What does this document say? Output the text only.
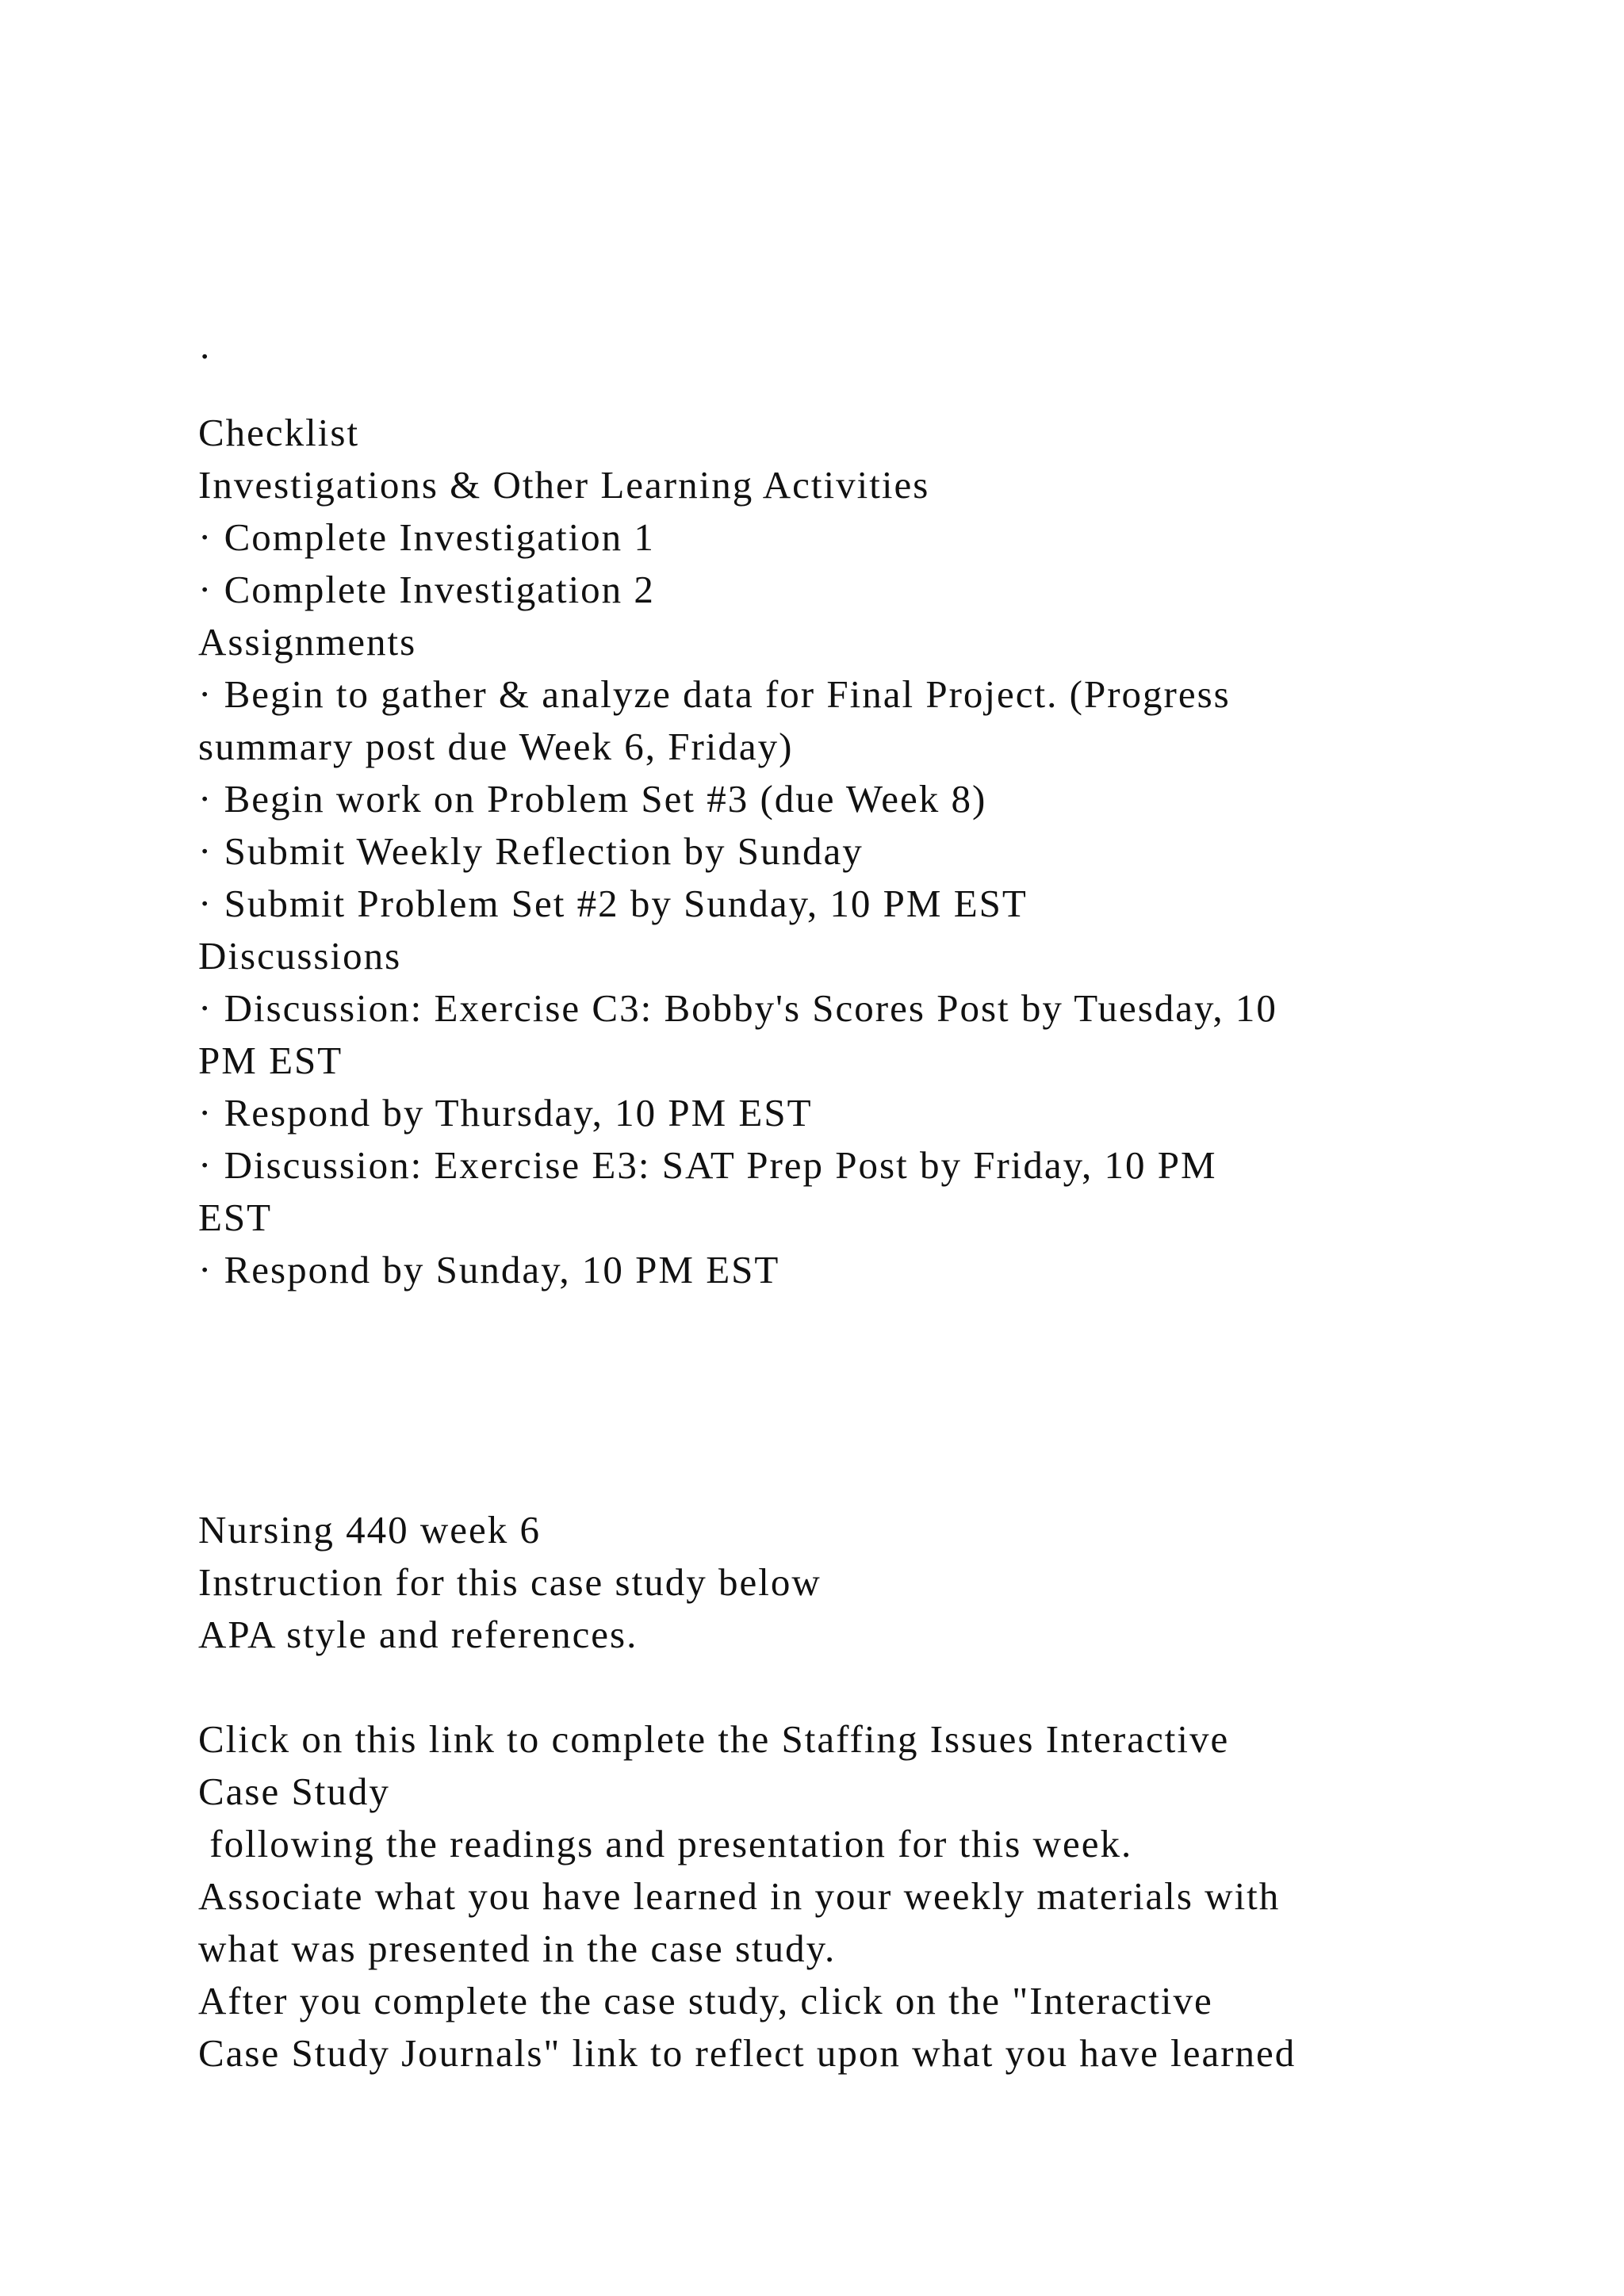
·

Checklist

Investigations & Other Learning Activities

· Complete Investigation 1

· Complete Investigation 2

Assignments

· Begin to gather & analyze data for Final Project. (Progress

summary post due Week 6, Friday)

· Begin work on Problem Set #3 (due Week 8)

· Submit Weekly Reflection by Sunday

· Submit Problem Set #2 by Sunday, 10 PM EST

Discussions

· Discussion: Exercise C3: Bobby's Scores Post by Tuesday, 10

PM EST

· Respond by Thursday, 10 PM EST

· Discussion: Exercise E3: SAT Prep Post by Friday, 10 PM

EST

· Respond by Sunday, 10 PM EST

Nursing 440 week 6

Instruction for this case study below

APA style and references.

Click on this link to complete the Staffing Issues Interactive

Case Study

following the readings and presentation for this week.

Associate what you have learned in your weekly materials with

what was presented in the case study.

After you complete the case study, click on the "Interactive

Case Study Journals" link to reflect upon what you have learned
